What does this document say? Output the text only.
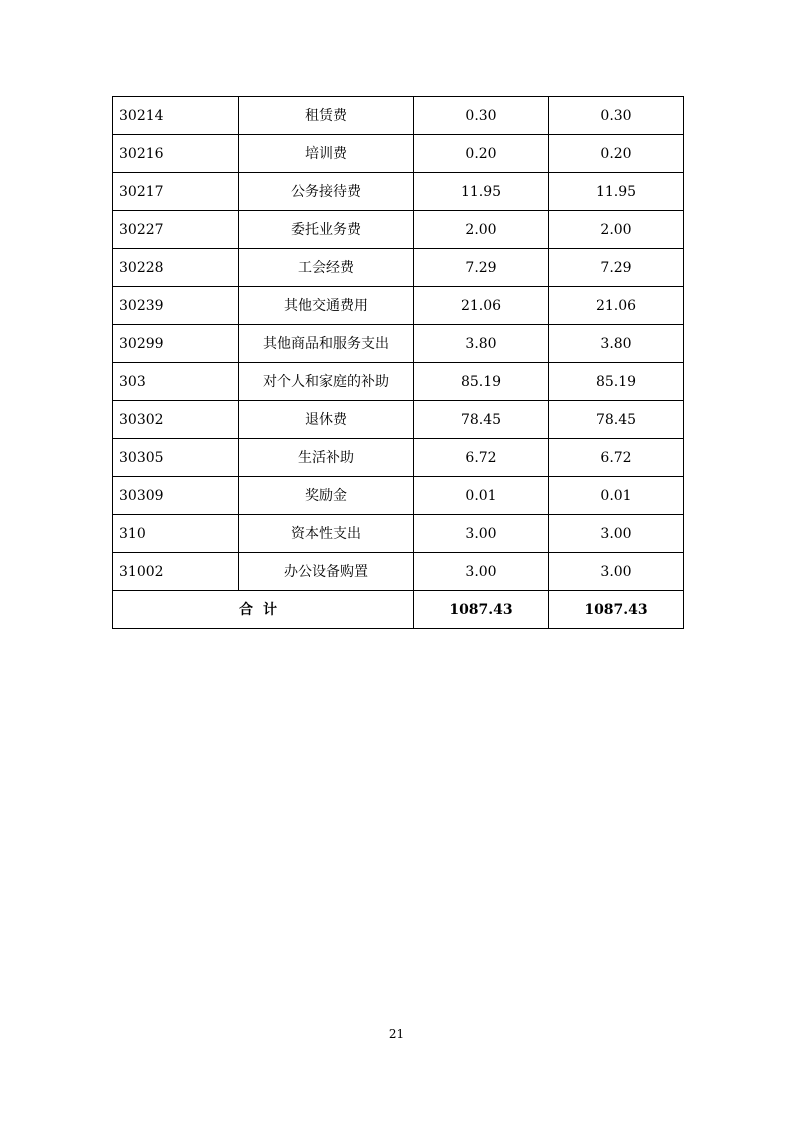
30214	租赁费	0.30	0.30
30216	培训费	0.20	0.20
30217	公务接待费	11.95	11.95
30227	委托业务费	2.00	2.00
30228	工会经费	7.29	7.29
30239	其他交通费用	21.06	21.06
30299	其他商品和服务支出	3.80	3.80
303	对个人和家庭的补助	85.19	85.19
30302	退休费	78.45	78.45
30305	生活补助	6.72	6.72
30309	奖励金	0.01	0.01
310	资本性支出	3.00	3.00
31002	办公设备购置	3.00	3.00
合计		1087.43	1087.43
21
